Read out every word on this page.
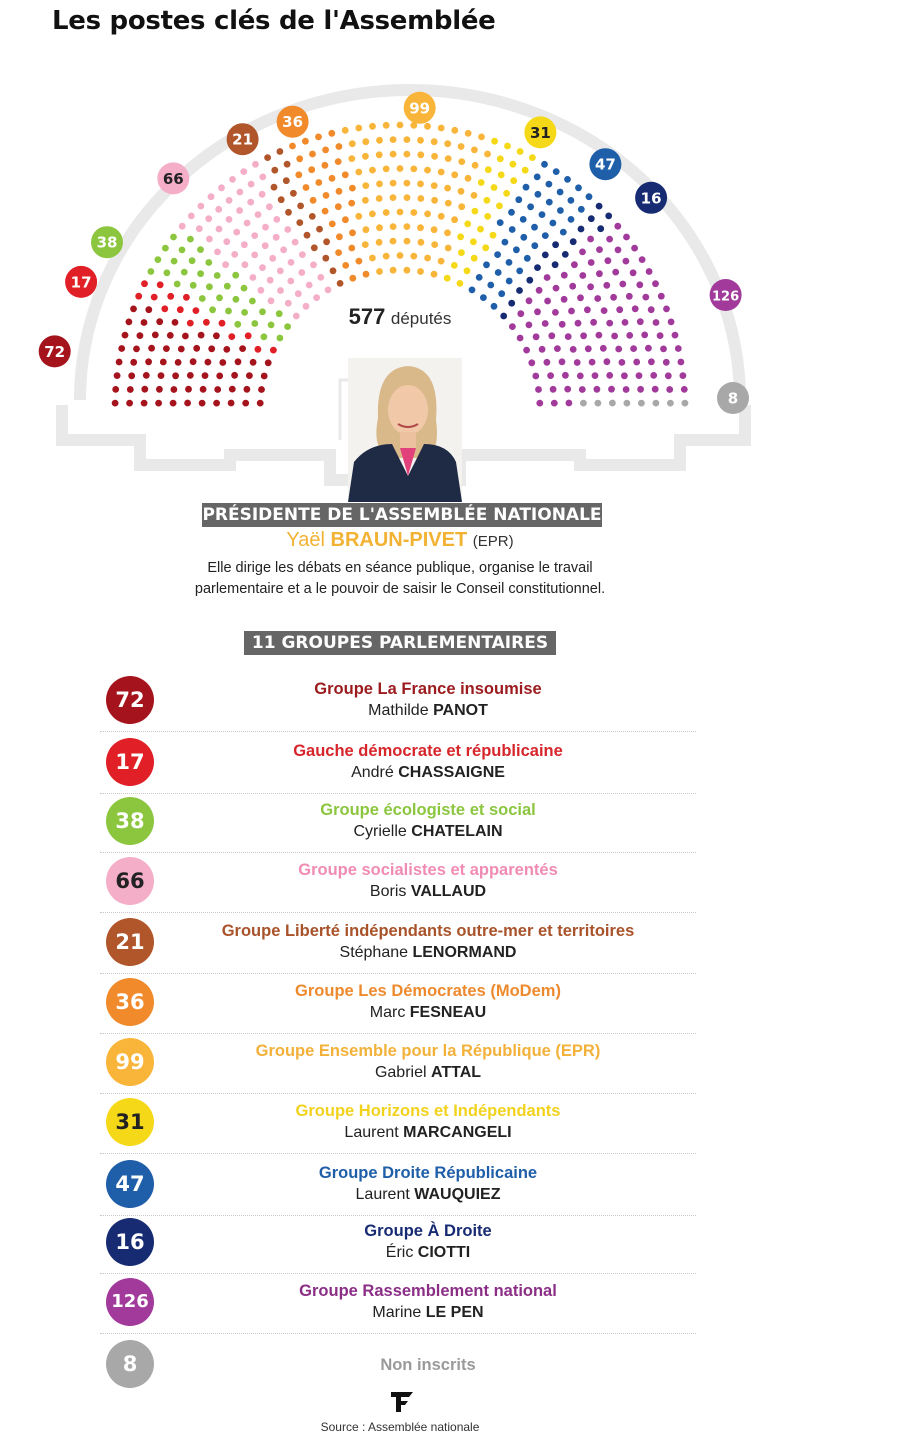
Les postes clés de l'Assemblée
72
17
38
66
21
36
99
31
47
16
126
8
577 députés
PRÉSIDENTE DE L'ASSEMBLÉE NATIONALE
Yaël BRAUN-PIVET (EPR)
Elle dirige les débats en séance publique, organise le travail
parlementaire et a le pouvoir de saisir le Conseil constitutionnel.
11 GROUPES PARLEMENTAIRES
72	Groupe La France insoumise
Mathilde PANOT
17	Gauche démocrate et républicaine
André CHASSAIGNE
38	Groupe écologiste et social
Cyrielle CHATELAIN
66	Groupe socialistes et apparentés
Boris VALLAUD
21	Groupe Liberté indépendants outre-mer et territoires
Stéphane LENORMAND
36	Groupe Les Démocrates (MoDem)
Marc FESNEAU
99	Groupe Ensemble pour la République (EPR)
Gabriel ATTAL
31	Groupe Horizons et Indépendants
Laurent MARCANGELI
47	Groupe Droite Républicaine
Laurent WAUQUIEZ
16	Groupe À Droite
Éric CIOTTI
126	Groupe Rassemblement national
Marine LE PEN
8	Non inscrits
Source : Assemblée nationale
